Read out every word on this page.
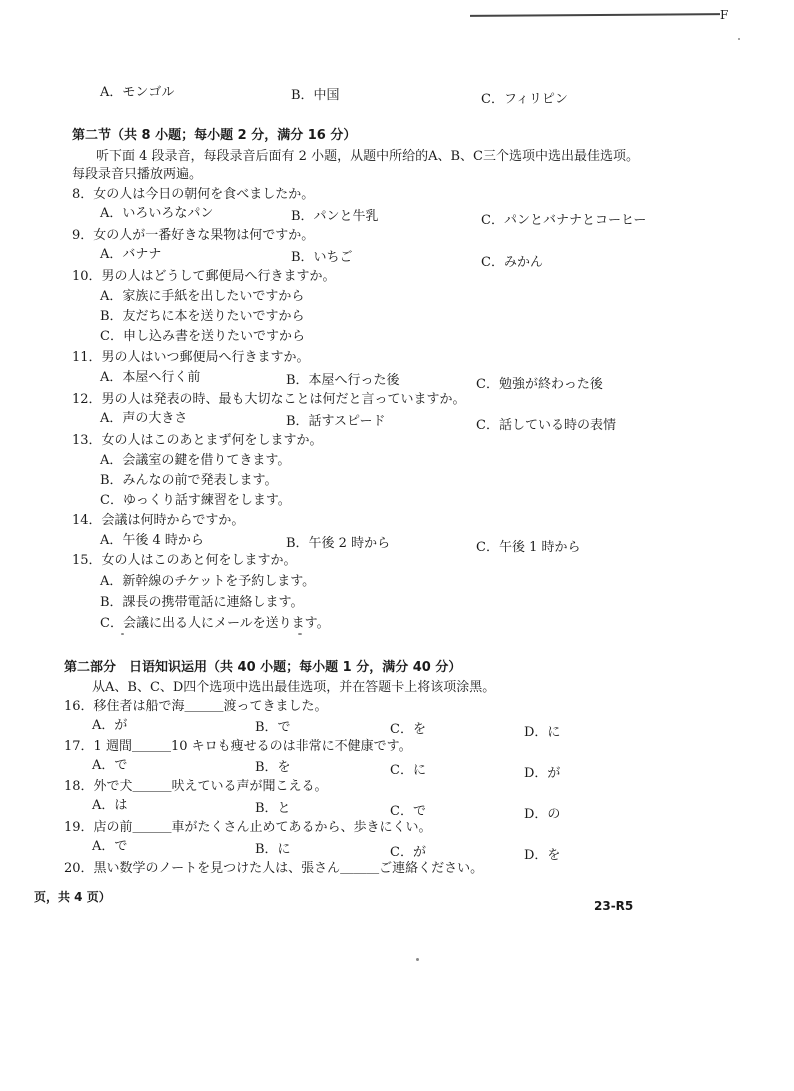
F
A．モンゴル	B．中国	C．フィリピン
第二节（共 8 小题；每小题 2 分，满分 16 分）
听下面 4 段录音，每段录音后面有 2 小题，从题中所给的A、B、C三个选项中选出最佳选项。
每段录音只播放两遍。
8．女の人は今日の朝何を食べましたか。
A．いろいろなパン	B．パンと牛乳	C．パンとバナナとコーヒー
9．女の人が一番好きな果物は何ですか。
A．バナナ	B．いちご	C．みかん
10．男の人はどうして郵便局へ行きますか。
A．家族に手紙を出したいですから
B．友だちに本を送りたいですから
C．申し込み書を送りたいですから
11．男の人はいつ郵便局へ行きますか。
A．本屋へ行く前	B．本屋へ行った後	C．勉強が終わった後
12．男の人は発表の時、最も大切なことは何だと言っていますか。
A．声の大きさ	B．話すスピード	C．話している時の表情
13．女の人はこのあとまず何をしますか。
A．会議室の鍵を借りてきます。
B．みんなの前で発表します。
C．ゆっくり話す練習をします。
14．会議は何時からですか。
A．午後 4 時から	B．午後 2 時から	C．午後 1 時から
15．女の人はこのあと何をしますか。
A．新幹線のチケットを予約します。
B．課長の携帯電話に連絡します。
C．会議に出る人にメールを送ります。
第二部分　日语知识运用（共 40 小题；每小题 1 分，满分 40 分）
从A、B、C、D四个选项中选出最佳选项，并在答题卡上将该项涂黑。
16．移住者は船で海＿＿＿渡ってきました。
A．が	B．で	C．を	D．に
17．1 週間＿＿＿10 キロも痩せるのは非常に不健康です。
A．で	B．を	C．に	D．が
18．外で犬＿＿＿吠えている声が聞こえる。
A．は	B．と	C．で	D．の
19．店の前＿＿＿車がたくさん止めてあるから、歩きにくい。
A．で	B．に	C．が	D．を
20．黒い数学のノートを見つけた人は、張さん＿＿＿ご連絡ください。
页，共 4 页）
23-R5
